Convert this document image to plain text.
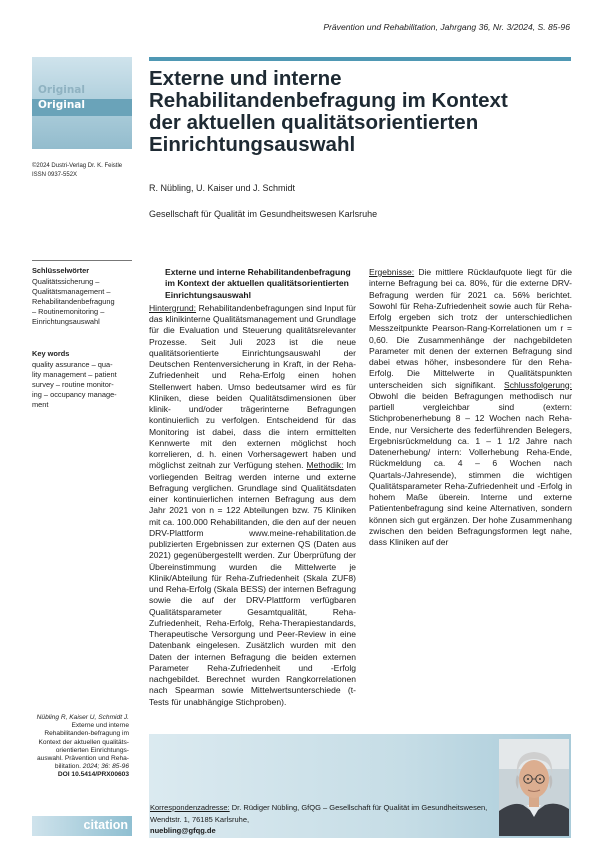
Prävention und Rehabilitation, Jahrgang 36, Nr. 3/2024, S. 85-96
Original
Original
©2024 Dustri-Verlag Dr. K. Feistle
ISSN 0937-552X
Externe und interne
Rehabilitandenbefragung im Kontext
der aktuellen qualitätsorientierten
Einrichtungsauswahl
R. Nübling, U. Kaiser und J. Schmidt
Gesellschaft für Qualität im Gesundheitswesen Karlsruhe
Schlüsselwörter
Qualitätssicherung –
Qualitätsmanagement –
Rehabilitandenbefragung
– Routinemonitoring –
Einrichtungsauswahl
Key words
quality assurance – qua-
lity management – patient
survey – routine monitor-
ing – occupancy manage-
ment
Externe und interne Rehabilitandenbefragung im Kontext der aktuellen qualitätsorientierten Einrichtungsauswahl

Hintergrund: Rehabilitandenbefragungen sind Input für das klinikinterne Qualitätsmanagement und Grundlage für die Evaluation und Steuerung qualitätsrelevanter Prozesse. Seit Juli 2023 ist die neue qualitätsorientierte Einrichtungsauswahl der Deutschen Rentenversicherung in Kraft, in der Reha-Zufriedenheit und Reha-Erfolg einen hohen Stellenwert haben. Umso bedeutsamer wird es für Kliniken, diese beiden Qualitätsdimensionen über klinik- und/oder trägerinterne Befragungen kontinuierlich zu verfolgen. Entscheidend für das Monitoring ist dabei, dass die intern ermittelten Kennwerte mit den externen möglichst hoch korrelieren, d. h. einen Vorhersagewert haben und möglichst zeitnah zur Verfügung stehen. Methodik: Im vorliegenden Beitrag werden interne und externe Befragung verglichen. Grundlage sind Qualitätsdaten einer kontinuierlichen internen Befragung aus dem Jahr 2021 von n = 122 Abteilungen bzw. 75 Kliniken mit ca. 100.000 Rehabilitanden, die den auf der neuen DRV-Plattform www.meine-rehabilitation.de publizierten Ergebnissen zur externen QS (Daten aus 2021) gegenübergestellt werden. Zur Überprüfung der Übereinstimmung wurden die Mittelwerte je Klinik/Abteilung für Reha-Zufriedenheit (Skala ZUF8) und Reha-Erfolg (Skala BESS) der internen Befragung sowie die auf der DRV-Plattform verfügbaren Qualitätsparameter Gesamtqualität, Reha-Zufriedenheit, Reha-Erfolg, Reha-Therapiestandards, Therapeutische Versorgung und Peer-Review in eine Datenbank eingelesen. Zusätzlich wurden mit den Daten der internen Befragung die beiden externen Parameter Reha-Zufriedenheit und -Erfolg nachgebildet. Berechnet wurden Rangkorrelationen nach Spearman sowie Mittelwertsunterschiede (t-Tests für unabhängige Stichproben).

Ergebnisse: Die mittlere Rücklaufquote liegt für die interne Befragung bei ca. 80%, für die externe DRV-Befragung werden für 2021 ca. 56% berichtet. Sowohl für Reha-Zufriedenheit sowie auch für Reha-Erfolg ergeben sich trotz der unterschiedlichen Messzeitpunkte Pearson-Rang-Korrelationen um r = 0,60. Die Zusammenhänge der nachgebildeten Parameter mit denen der externen Befragung sind dabei etwas höher, insbesondere für den Reha-Erfolg. Die Mittelwerte in Qualitätspunkten unterscheiden sich signifikant. Schlussfolgerung: Obwohl die beiden Befragungen methodisch nur partiell vergleichbar sind (extern: Stichprobenerhebung 8 – 12 Wochen nach Reha-Ende, nur Versicherte des federführenden Belegers, Ergebnisrückmeldung ca. 1 – 1 1/2 Jahre nach Datenerhebung/ intern: Vollerhebung Reha-Ende, Rückmeldung ca. 4 – 6 Wochen nach Quartals-/Jahresende), stimmen die wichtigen Qualitätsparameter Reha-Zufriedenheit und -Erfolg in hohem Maße überein. Interne und externe Patientenbefragung sind keine Alternativen, sondern können sich gut ergänzen. Der hohe Zusammenhang zwischen den beiden Befragungsformen legt nahe, dass Kliniken auf der

Nübling R, Kaiser U, Schmidt J. Externe und interne Rehabilitanden-befragung im Kontext der aktuellen qualitäts-orientierten Einrichtungs-auswahl. Prävention und Reha-bilitation. 2024; 36: 85-96
DOI 10.5414/PRX00603
citation
Korrespondenzadresse: Dr. Rüdiger Nübling, GfQG – Gesellschaft für Qualität im Gesundheitswesen, Wendtstr. 1, 76185 Karlsruhe,
nuebling@gfqg.de
